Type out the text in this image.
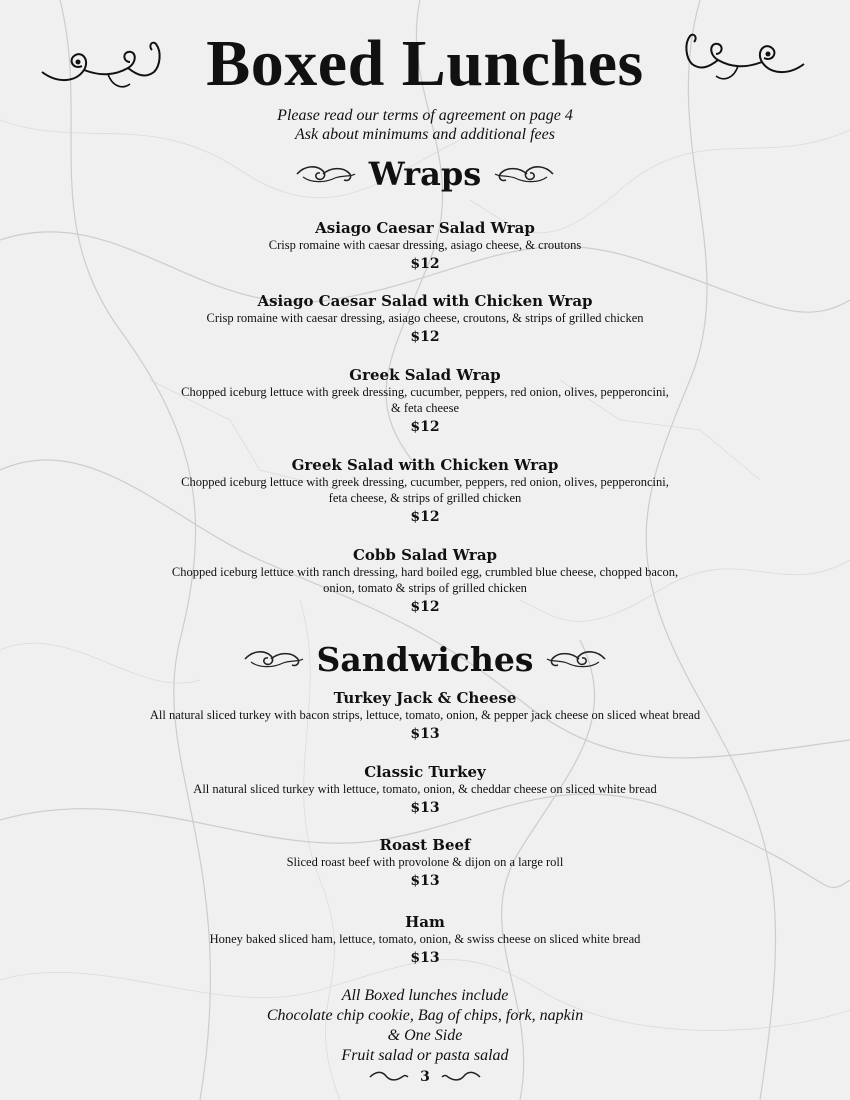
Boxed Lunches
Please read our terms of agreement on page 4
Ask about minimums and additional fees
Wraps
Asiago Caesar Salad Wrap
Crisp romaine with caesar dressing, asiago cheese, & croutons
$12
Asiago Caesar Salad with Chicken Wrap
Crisp romaine with caesar dressing, asiago cheese, croutons, & strips of grilled chicken
$12
Greek Salad Wrap
Chopped iceburg lettuce with greek dressing, cucumber, peppers, red onion, olives, pepperoncini,
& feta cheese
$12
Greek Salad with Chicken Wrap
Chopped iceburg lettuce with greek dressing, cucumber, peppers, red onion, olives, pepperoncini,
feta cheese, & strips of grilled chicken
$12
Cobb Salad Wrap
Chopped iceburg lettuce with ranch dressing, hard boiled egg, crumbled blue cheese, chopped bacon,
onion, tomato & strips of grilled chicken
$12
Sandwiches
Turkey Jack & Cheese
All natural sliced turkey with bacon strips, lettuce, tomato, onion, & pepper jack cheese on sliced wheat bread
$13
Classic Turkey
All natural sliced turkey with lettuce, tomato, onion, & cheddar cheese on sliced white bread
$13
Roast Beef
Sliced roast beef with provolone & dijon on a large roll
$13
Ham
Honey baked sliced ham, lettuce, tomato, onion, & swiss cheese on sliced white bread
$13
All Boxed lunches include
Chocolate chip cookie, Bag of chips, fork, napkin
& One Side
Fruit salad or pasta salad
3
